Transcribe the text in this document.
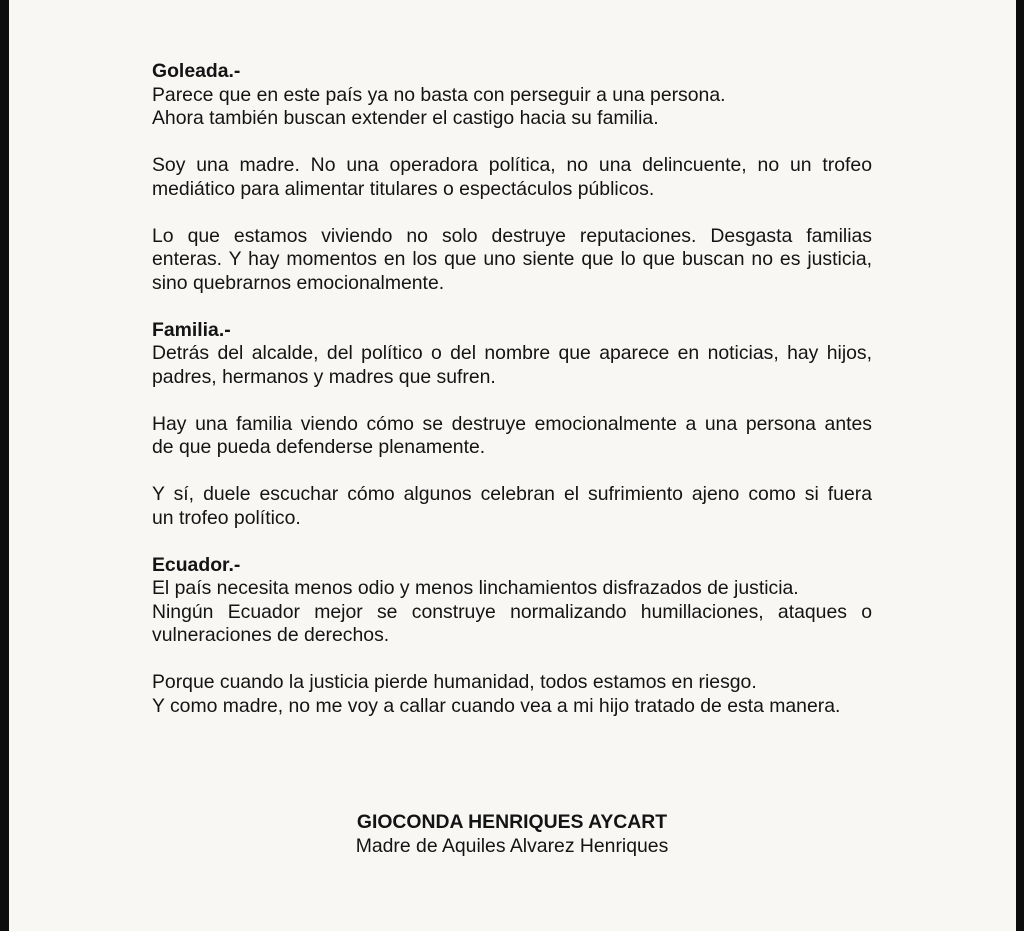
Goleada.-

Parece que en este país ya no basta con perseguir a una persona.
Ahora también buscan extender el castigo hacia su familia.

Soy una madre. No una operadora política, no una delincuente, no un trofeo
mediático para alimentar titulares o espectáculos públicos.

Lo que estamos viviendo no solo destruye reputaciones. Desgasta familias
enteras. Y hay momentos en los que uno siente que lo que buscan no es justicia,
sino quebrarnos emocionalmente.

Familia.-

Detrás del alcalde, del político o del nombre que aparece en noticias, hay hijos,
padres, hermanos y madres que sufren.

Hay una familia viendo cómo se destruye emocionalmente a una persona antes
de que pueda defenderse plenamente.

Y sí, duele escuchar cómo algunos celebran el sufrimiento ajeno como si fuera
un trofeo político.

Ecuador.-

El país necesita menos odio y menos linchamientos disfrazados de justicia.
Ningún Ecuador mejor se construye normalizando humillaciones, ataques o
vulneraciones de derechos.

Porque cuando la justicia pierde humanidad, todos estamos en riesgo.
Y como madre, no me voy a callar cuando vea a mi hijo tratado de esta manera.

GIOCONDA HENRIQUES AYCART
Madre de Aquiles Alvarez Henriques
